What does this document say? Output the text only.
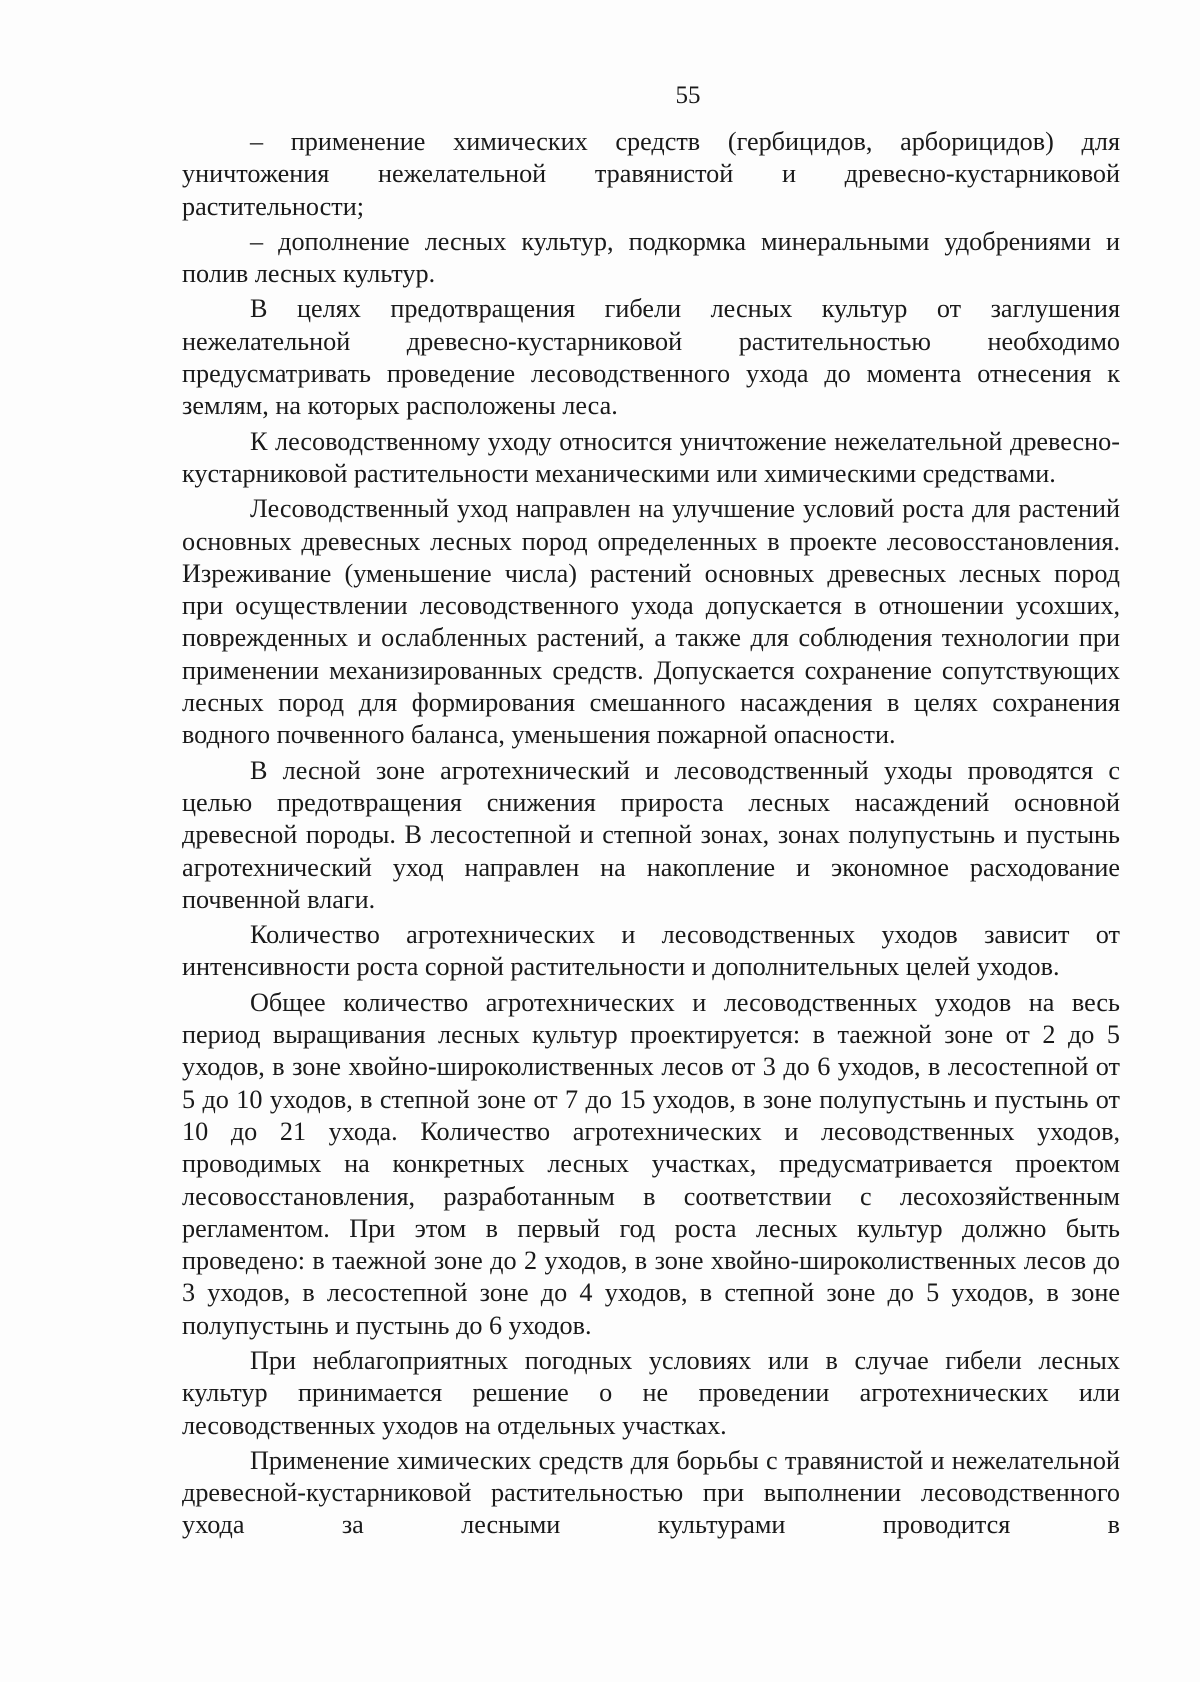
55

– применение химических средств (гербицидов, арборицидов) для уничтожения нежелательной травянистой и древесно-кустарниковой растительности;

– дополнение лесных культур, подкормка минеральными удобрениями и полив лесных культур.

В целях предотвращения гибели лесных культур от заглушения нежелательной древесно-кустарниковой растительностью необходимо предусматривать проведение лесоводственного ухода до момента отнесения к землям, на которых расположены леса.

К лесоводственному уходу относится уничтожение нежелательной древесно-кустарниковой растительности механическими или химическими средствами.

Лесоводственный уход направлен на улучшение условий роста для растений основных древесных лесных пород определенных в проекте лесовосстановления. Изреживание (уменьшение числа) растений основных древесных лесных пород при осуществлении лесоводственного ухода допускается в отношении усохших, поврежденных и ослабленных растений, а также для соблюдения технологии при применении механизированных средств. Допускается сохранение сопутствующих лесных пород для формирования смешанного насаждения в целях сохранения водного почвенного баланса, уменьшения пожарной опасности.

В лесной зоне агротехнический и лесоводственный уходы проводятся с целью предотвращения снижения прироста лесных насаждений основной древесной породы. В лесостепной и степной зонах, зонах полупустынь и пустынь агротехнический уход направлен на накопление и экономное расходование почвенной влаги.

Количество агротехнических и лесоводственных уходов зависит от интенсивности роста сорной растительности и дополнительных целей уходов.

Общее количество агротехнических и лесоводственных уходов на весь период выращивания лесных культур проектируется: в таежной зоне от 2 до 5 уходов, в зоне хвойно-широколиственных лесов от 3 до 6 уходов, в лесостепной от 5 до 10 уходов, в степной зоне от 7 до 15 уходов, в зоне полупустынь и пустынь от 10 до 21 ухода. Количество агротехнических и лесоводственных уходов, проводимых на конкретных лесных участках, предусматривается проектом лесовосстановления, разработанным в соответствии с лесохозяйственным регламентом. При этом в первый год роста лесных культур должно быть проведено: в таежной зоне до 2 уходов, в зоне хвойно-широколиственных лесов до 3 уходов, в лесостепной зоне до 4 уходов, в степной зоне до 5 уходов, в зоне полупустынь и пустынь до 6 уходов.

При неблагоприятных погодных условиях или в случае гибели лесных культур принимается решение о не проведении агротехнических или лесоводственных уходов на отдельных участках.

Применение химических средств для борьбы с травянистой и нежелательной древесной-кустарниковой растительностью при выполнении лесоводственного ухода за лесными культурами проводится в
